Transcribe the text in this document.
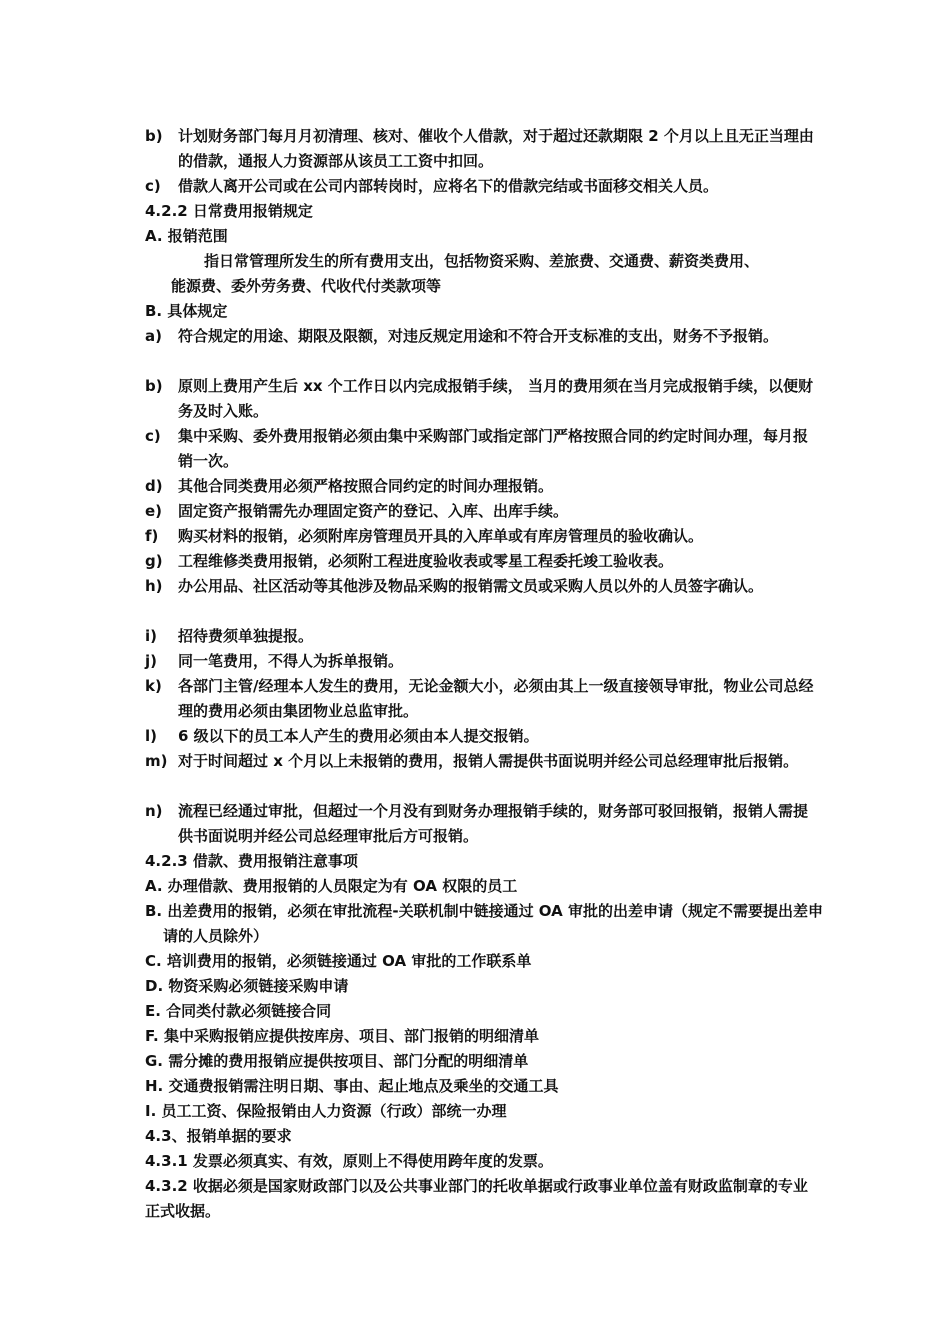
b)	计划财务部门每月月初清理、核对、催收个人借款，对于超过还款期限 2 个月以上且无正当理由的借款，通报人力资源部从该员工工资中扣回。
c)	借款人离开公司或在公司内部转岗时，应将名下的借款完结或书面移交相关人员。
4.2.2 日常费用报销规定
A. 报销范围
指日常管理所发生的所有费用支出，包括物资采购、差旅费、交通费、薪资类费用、
能源费、委外劳务费、代收代付类款项等
B. 具体规定
a)	符合规定的用途、期限及限额，对违反规定用途和不符合开支标准的支出，财务不予报销。
b)	原则上费用产生后 xx 个工作日以内完成报销手续， 当月的费用须在当月完成报销手续，以便财务及时入账。
c)	集中采购、委外费用报销必须由集中采购部门或指定部门严格按照合同的约定时间办理，每月报销一次。
d)	其他合同类费用必须严格按照合同约定的时间办理报销。
e)	固定资产报销需先办理固定资产的登记、入库、出库手续。
f)	购买材料的报销，必须附库房管理员开具的入库单或有库房管理员的验收确认。
g)	工程维修类费用报销，必须附工程进度验收表或零星工程委托竣工验收表。
h)	办公用品、社区活动等其他涉及物品采购的报销需文员或采购人员以外的人员签字确认。
i)	招待费须单独提报。
j)	同一笔费用，不得人为拆单报销。
k)	各部门主管/经理本人发生的费用，无论金额大小，必须由其上一级直接领导审批，物业公司总经理的费用必须由集团物业总监审批。
l)	6 级以下的员工本人产生的费用必须由本人提交报销。
m) 对于时间超过 x 个月以上未报销的费用，报销人需提供书面说明并经公司总经理审批后报销。
n)	流程已经通过审批，但超过一个月没有到财务办理报销手续的，财务部可驳回报销，报销人需提供书面说明并经公司总经理审批后方可报销。
4.2.3 借款、费用报销注意事项
A. 办理借款、费用报销的人员限定为有 OA 权限的员工
B. 出差费用的报销，必须在审批流程-关联机制中链接通过 OA 审批的出差申请（规定不需要提出差申请的人员除外）
C. 培训费用的报销，必须链接通过 OA 审批的工作联系单
D. 物资采购必须链接采购申请
E. 合同类付款必须链接合同
F. 集中采购报销应提供按库房、项目、部门报销的明细清单
G. 需分摊的费用报销应提供按项目、部门分配的明细清单
H. 交通费报销需注明日期、事由、起止地点及乘坐的交通工具
I. 员工工资、保险报销由人力资源（行政）部统一办理
4.3、报销单据的要求
4.3.1 发票必须真实、有效，原则上不得使用跨年度的发票。
4.3.2 收据必须是国家财政部门以及公共事业部门的托收单据或行政事业单位盖有财政监制章的专业正式收据。
